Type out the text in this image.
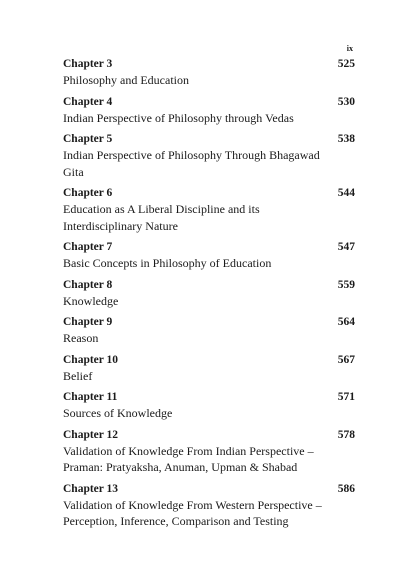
ix
Chapter 3	525
Philosophy and Education
Chapter 4	530
Indian Perspective of Philosophy through Vedas
Chapter 5	538
Indian Perspective of Philosophy Through Bhagawad Gita
Chapter 6	544
Education as A Liberal Discipline and its Interdisciplinary Nature
Chapter 7	547
Basic Concepts in Philosophy of Education
Chapter 8	559
Knowledge
Chapter 9	564
Reason
Chapter 10	567
Belief
Chapter 11	571
Sources of Knowledge
Chapter 12	578
Validation of Knowledge From Indian Perspective – Praman: Pratyaksha, Anuman, Upman & Shabad
Chapter 13	586
Validation of Knowledge From Western Perspective – Perception, Inference, Comparison and Testing
